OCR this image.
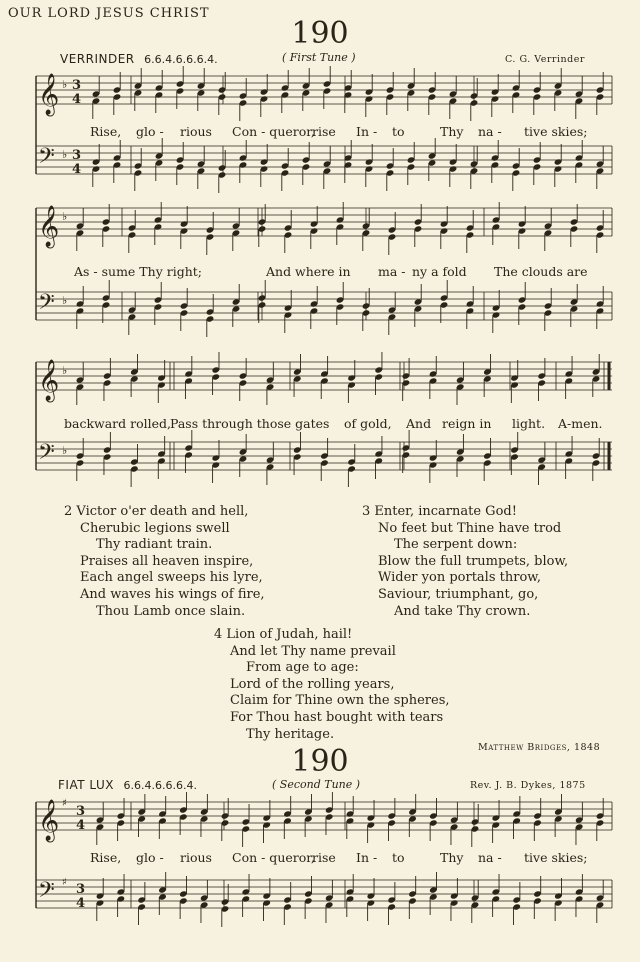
OUR LORD JESUS CHRIST
190
VERRINDER 6.6.4.6.6.6.4.	( First Tune )	C. G. Verrinder
𝄞
𝄢
♭
♭
3
4
3
4
Rise, glo - rious Con - queror,
rise In - to	Thy na - tive skies;
𝄞
𝄢
♭
♭
As - sume Thy right;	And where in ma - ny a fold The clouds are
𝄞
𝄢
♭
♭
backward rolled,
Pass through those gates of gold, And reign in light. A-men.
2 Victor o'er death and hell,
Cherubic legions swell
Thy radiant train.
Praises all heaven inspire,
Each angel sweeps his lyre,
And waves his wings of fire,
Thou Lamb once slain.
3 Enter, incarnate God!
No feet but Thine have trod
The serpent down:
Blow the full trumpets, blow,
Wider yon portals throw,
Saviour, triumphant, go,
And take Thy crown.
4 Lion of Judah, hail!
And let Thy name prevail
From age to age:
Lord of the rolling years,
Claim for Thine own the spheres,
For Thou hast bought with tears
Thy heritage.
Matthew Bridges, 1848
190
FIAT LUX 6.6.4.6.6.6.4.	( Second Tune )	Rev. J. B. Dykes, 1875
𝄞
𝄢
♯
♯
3
4
3
4
Rise, glo - rious Con - queror,
rise In - to	Thy na - tive skies;
